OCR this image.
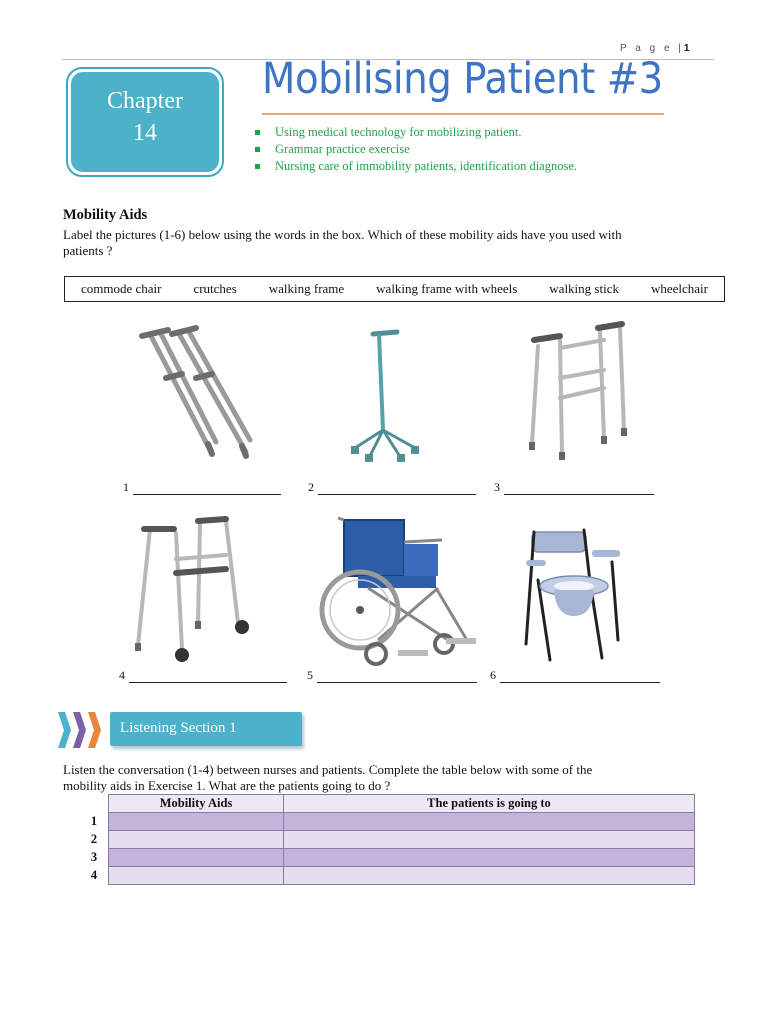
P a g e |1
Chapter
14
Mobilising Patient #3
Using medical technology for mobilizing patient.
Grammar practice exercise
Nursing care of immobility patients, identification diagnose.
Mobility Aids
Label the pictures (1-6) below using the words in the box. Which of these mobility aids have you used with
patients ?
commode chair crutches walking frame walking frame with wheels walking stick wheelchair
1	2	3
4	5	6
Listening Section 1
Listen the conversation (1-4) between nurses and patients. Complete the table below with some of the
mobility aids in Exercise 1. What are the patients going to do ?
	Mobility Aids	The patients is going to
1		
2		
3		
4		
